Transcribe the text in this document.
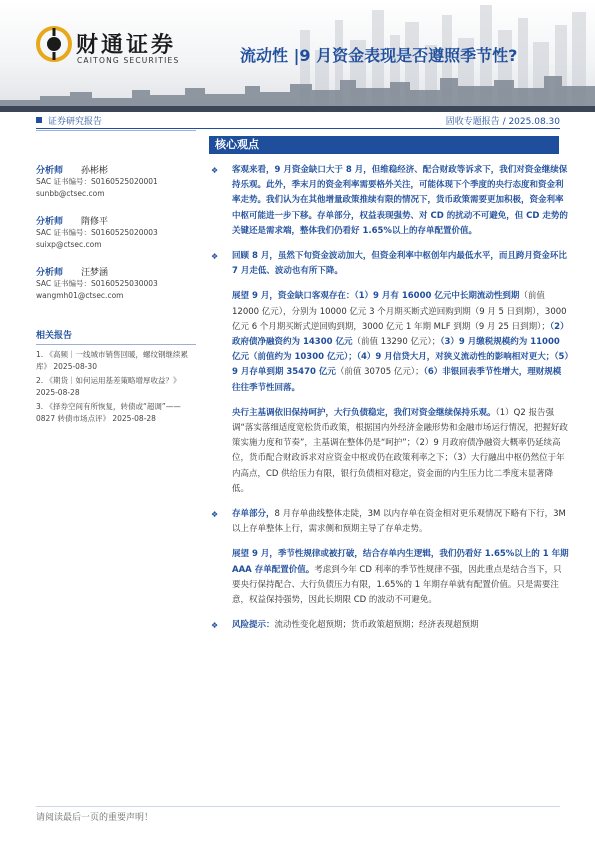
财通证券
CAITONG SECURITIES	流动性 |9 月资金表现是否遵照季节性?
证券研究报告	固收专题报告 / 2025.08.30
核心观点
分析师 孙彬彬
SAC 证书编号：S0160525020001
sunbb@ctsec.com
分析师 隋修平
SAC 证书编号：S0160525020003
suixp@ctsec.com
分析师 汪梦涵
SAC 证书编号：S0160525030003
wangmh01@ctsec.com
相关报告
1. 《高频｜一线城市销售回暖，螺纹钢继续累库》 2025-08-30
2. 《期货｜如何运用基差策略增厚收益？》 2025-08-28
3. 《择券空间有所恢复，转债或“超调”——0827 转债市场点评》 2025-08-28
❖ 客观来看，9 月资金缺口大于 8 月，但维稳经济、配合财政等诉求下，我们对资金继续保持乐观。此外，季末月的资金利率需要格外关注，可能体现下个季度的央行态度和资金利率走势。我们认为在其他增量政策推续有限的情况下，货币政策需要更加积极，资金利率中枢可能进一步下移。存单部分，权益表现强势、对 CD 的扰动不可避免，但 CD 走势的关键还是需求端，整体我们仍看好 1.65%以上的存单配置价值。
❖ 回顾 8 月，虽然下旬资金波动加大，但资金利率中枢创年内最低水平，而且跨月资金环比 7 月走低、波动也有所下降。
展望 9 月，资金缺口客观存在：（1）9 月有 16000 亿元中长期流动性到期（前值 12000 亿元），分别为 10000 亿元 3 个月期买断式逆回购到期（9 月 5 日到期），3000 亿元 6 个月期买断式逆回购到期，3000 亿元 1 年期 MLF 到期（9 月 25 日到期）；（2）政府债净融资约为 14300 亿元（前值 13290 亿元）；（3）9 月缴税规模约为 11000 亿元（前值约为 10300 亿元）；（4）9 月信贷大月，对狭义流动性的影响相对更大；（5）9 月存单到期 35470 亿元（前值 30705 亿元）；（6）非银回表季节性增大，理财规模往往季节性回落。
央行主基调依旧保持呵护，大行负债稳定，我们对资金继续保持乐观。（1）Q2 报告强调“落实落细适度宽松货币政策，根据国内外经济金融形势和金融市场运行情况，把握好政策实施力度和节奏”，主基调在整体仍是“呵护”；（2）9 月政府债净融资大概率仍延续高位，货币配合财政诉求对应资金中枢或仍在政策利率之下；（3）大行融出中枢仍然位于年内高点，CD 供给压力有限，银行负债相对稳定，资金面的内生压力比二季度末显著降低。
❖ 存单部分，8 月存单曲线整体走陡，3M 以内存单在资金相对更乐观情况下略有下行，3M 以上存单整体上行，需求侧和预期主导了存单走势。
展望 9 月，季节性规律或被打破，结合存单内生逻辑，我们仍看好 1.65%以上的 1 年期 AAA 存单配置价值。考虑到今年 CD 利率的季节性规律不强，因此重点是结合当下，只要央行保持配合、大行负债压力有限，1.65%的 1 年期存单就有配置价值。只是需要注意，权益保持强势，因此长期限 CD 的波动不可避免。
❖ 风险提示：流动性变化超预期；货币政策超预期；经济表现超预期
请阅读最后一页的重要声明！
